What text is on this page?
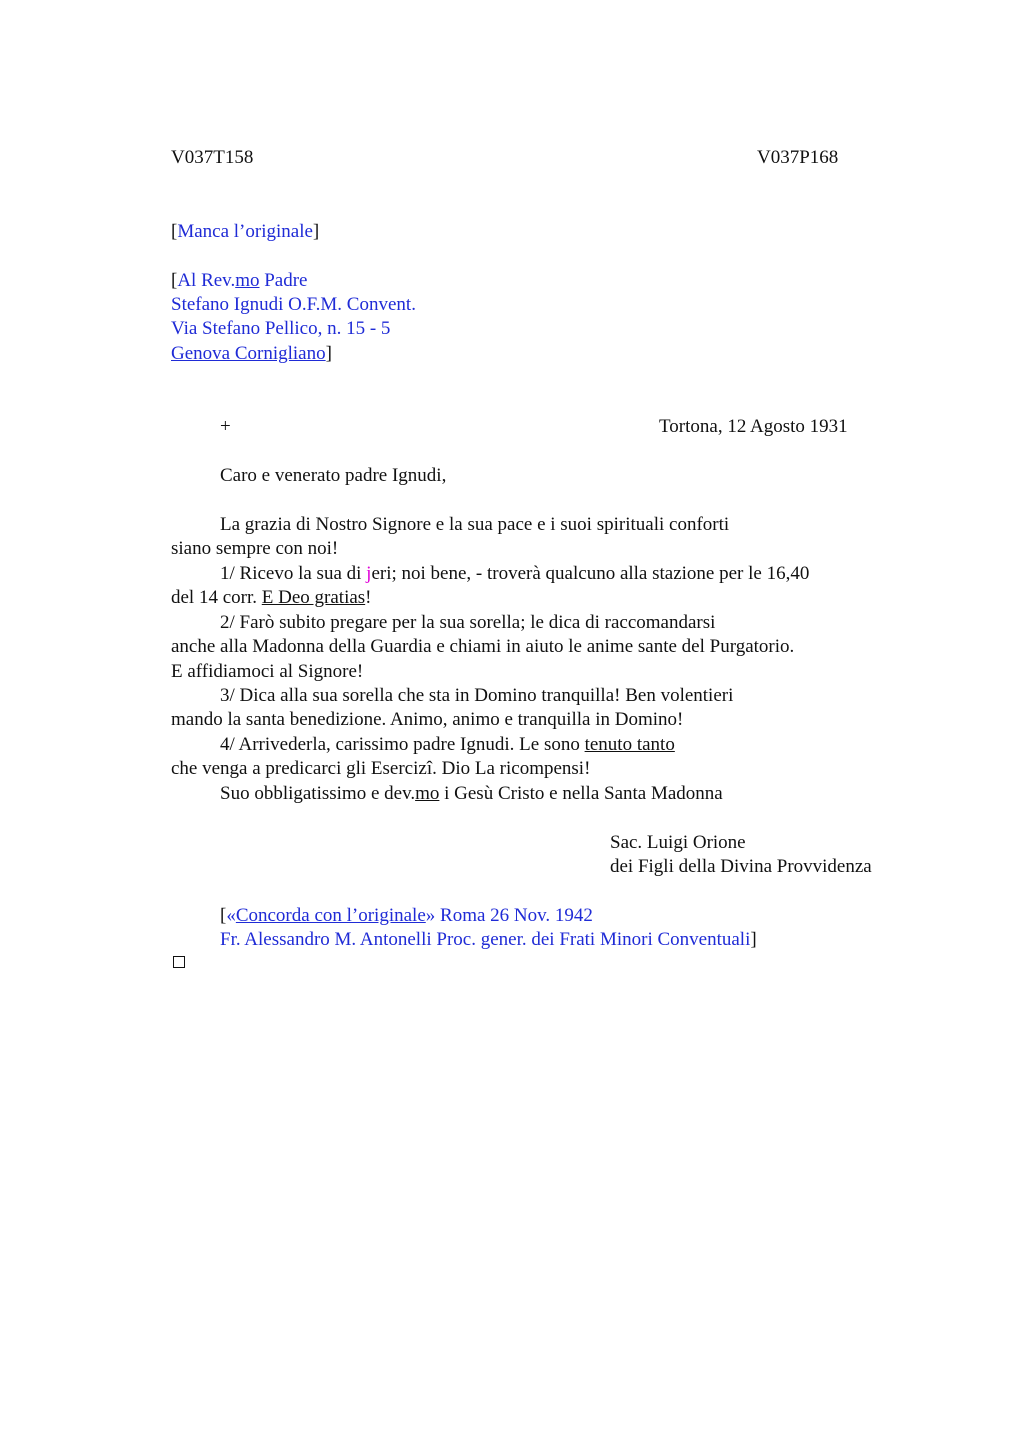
V037T158	V037P168
[Manca l’originale]
[Al Rev.mo Padre
Stefano Ignudi O.F.M. Convent.
Via Stefano Pellico, n. 15 - 5
Genova Cornigliano]
+	Tortona, 12 Agosto 1931
Caro e venerato padre Ignudi,
La grazia di Nostro Signore e la sua pace e i suoi spirituali conforti
siano sempre con noi!
1/ Ricevo la sua di jeri; noi bene, - troverà qualcuno alla stazione per le 16,40
del 14 corr. E Deo gratias!
2/ Farò subito pregare per la sua sorella; le dica di raccomandarsi
anche alla Madonna della Guardia e chiami in aiuto le anime sante del Purgatorio.
E affidiamoci al Signore!
3/ Dica alla sua sorella che sta in Domino tranquilla! Ben volentieri
mando la santa benedizione. Animo, animo e tranquilla in Domino!
4/ Arrivederla, carissimo padre Ignudi. Le sono tenuto tanto
che venga a predicarci gli Esercizi. Dio La ricompensi!
Suo obbligatissimo e dev.mo i Gesù Cristo e nella Santa Madonna
Sac. Luigi Orione
dei Figli della Divina Provvidenza
[«Concorda con l’originale» Roma 26 Nov. 1942
Fr. Alessandro M. Antonelli Proc. gener. dei Frati Minori Conventuali]
